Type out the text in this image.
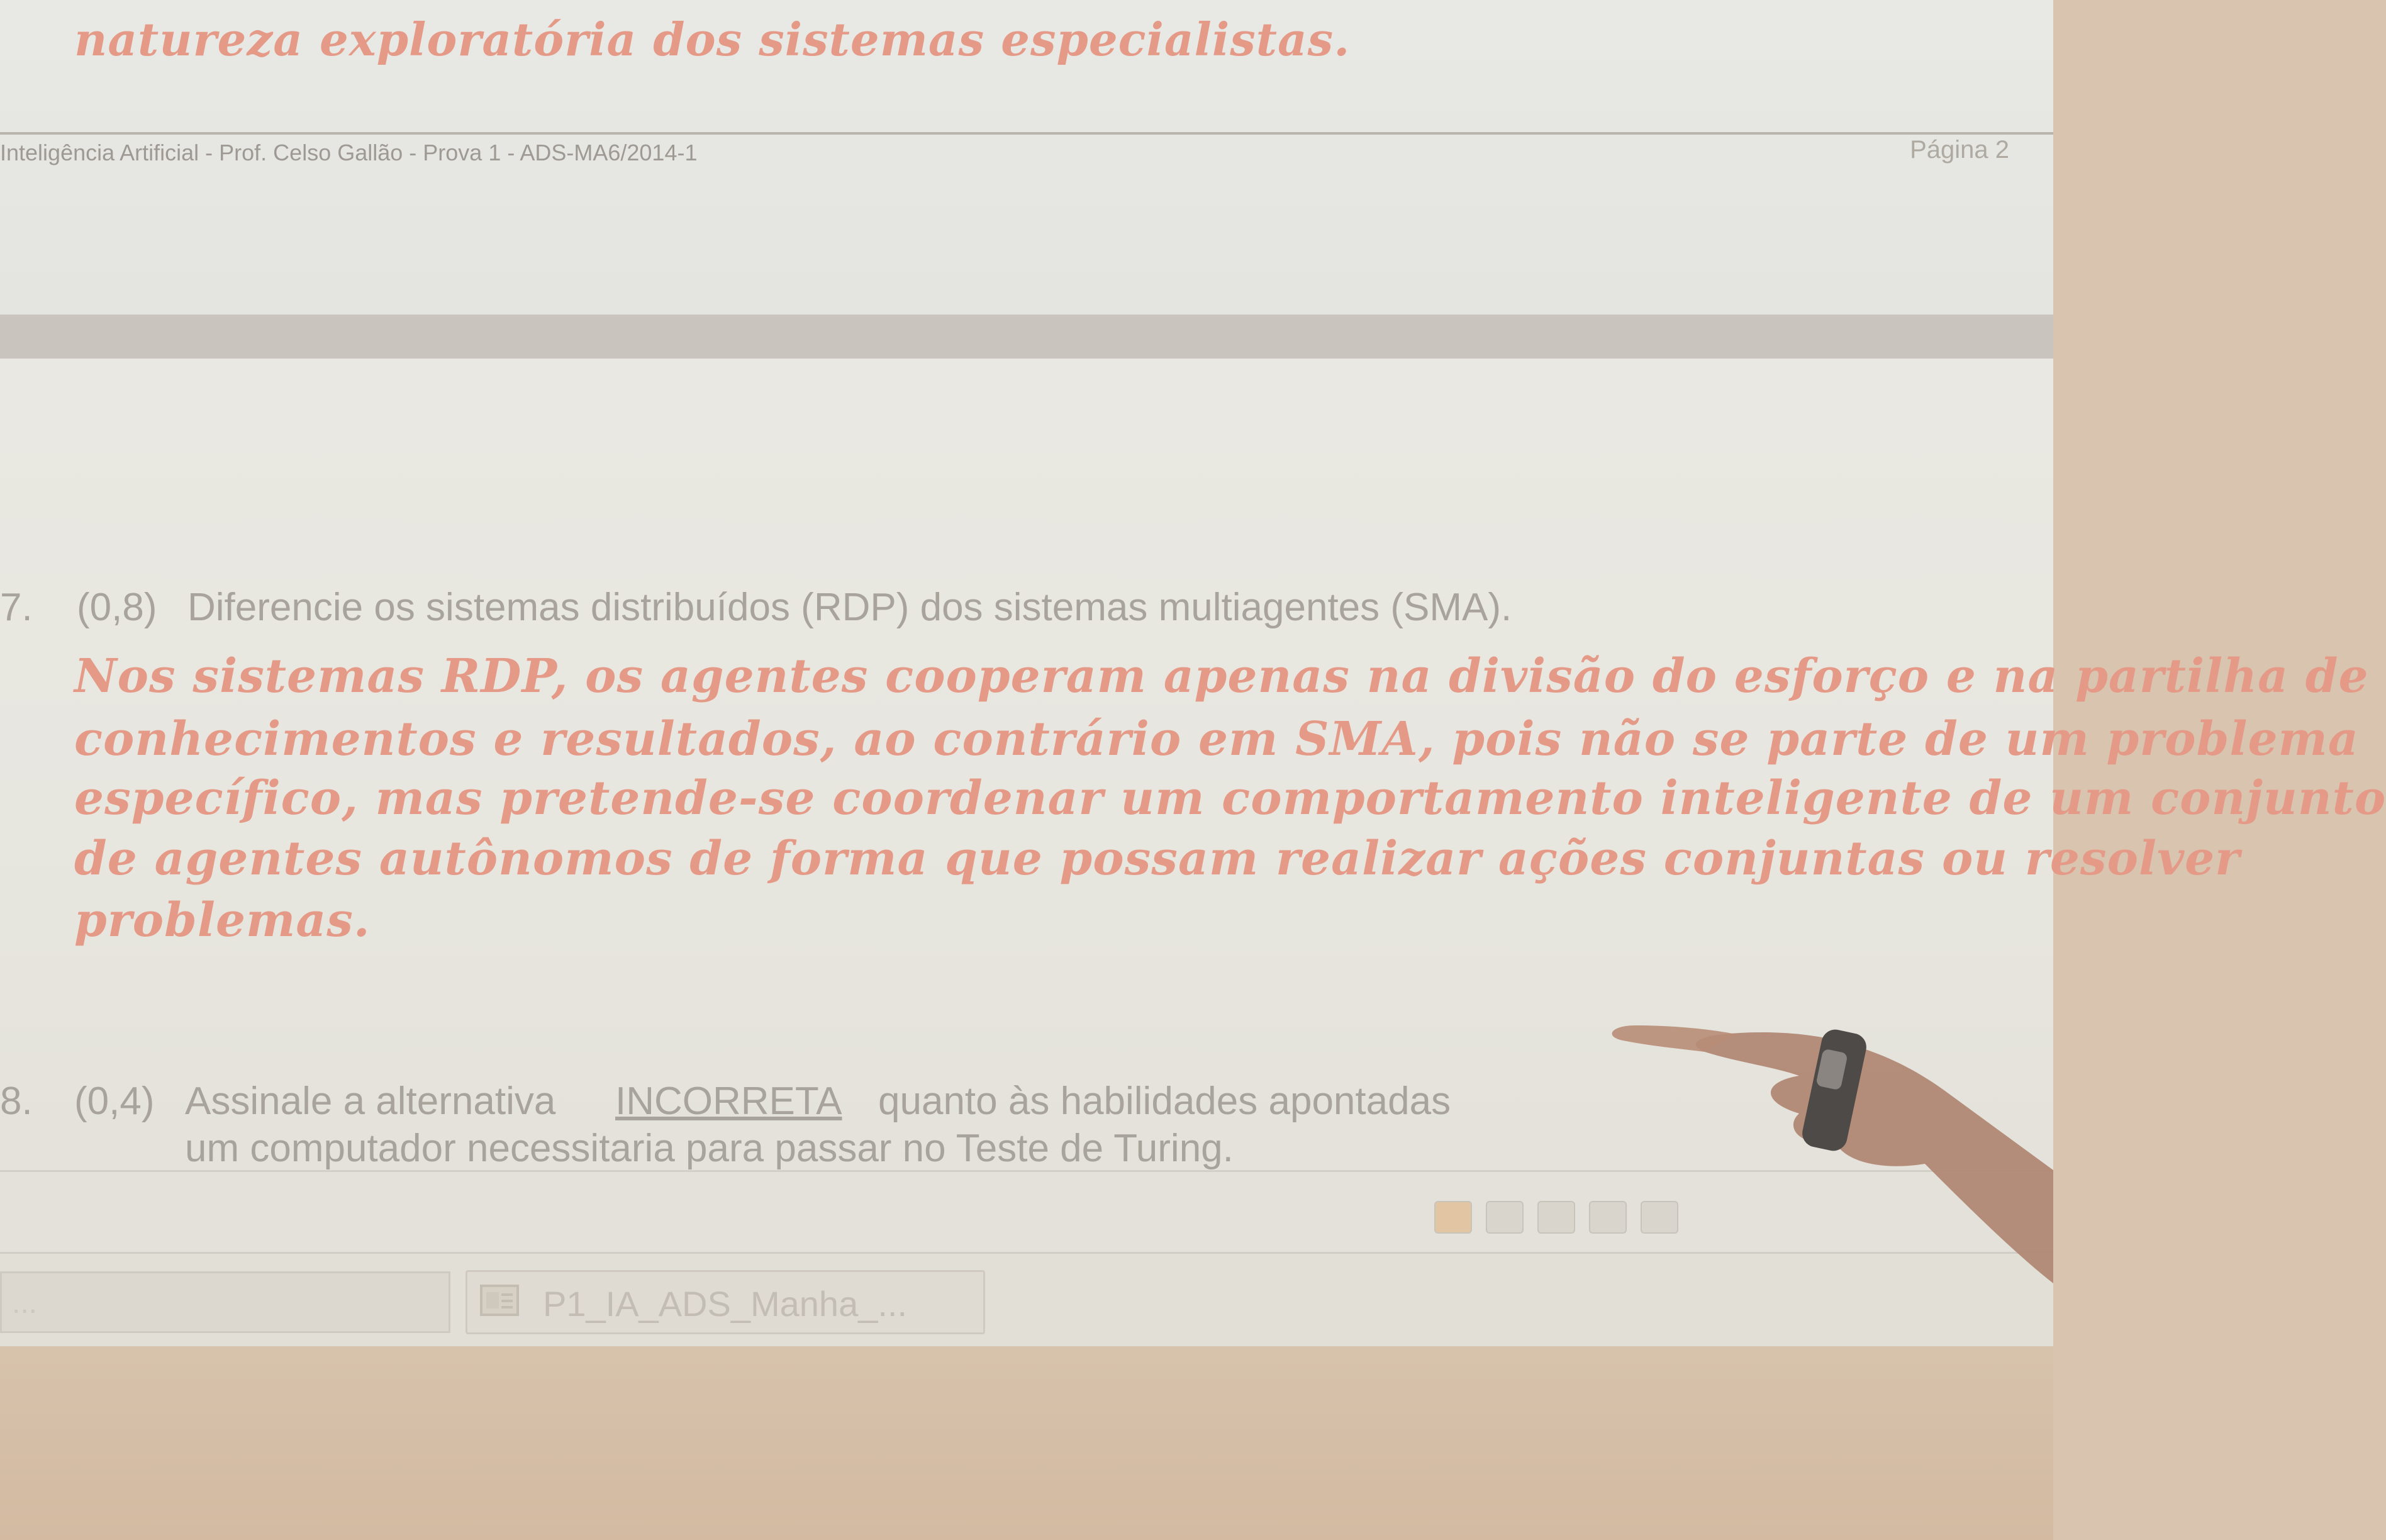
natureza exploratória dos sistemas especialistas.
Inteligência Artificial - Prof. Celso Gallão - Prova 1 - ADS-MA6/2014-1	Página 2
7. (0,8) Diferencie os sistemas distribuídos (RDP) dos sistemas multiagentes (SMA).
Nos sistemas RDP, os agentes cooperam apenas na divisão do esforço e na partilha de
conhecimentos e resultados, ao contrário em SMA, pois não se parte de um problema
específico, mas pretende-se coordenar um comportamento inteligente de um conjunto
de agentes autônomos de forma que possam realizar ações conjuntas ou resolver
problemas.
8. (0,4) Assinale a alternativa INCORRETA quanto às habilidades apontadas
um computador necessitaria para passar no Teste de Turing.
...	P1_IA_ADS_Manha_...
